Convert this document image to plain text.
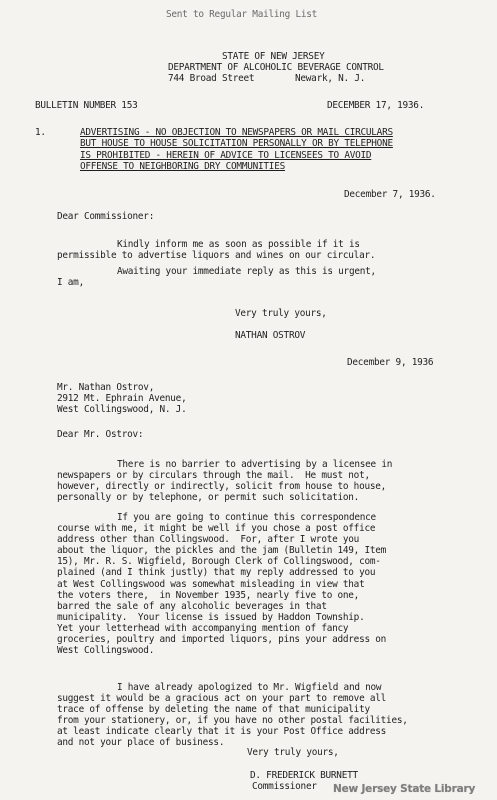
Sent to Regular Mailing List
STATE OF NEW JERSEY
DEPARTMENT OF ALCOHOLIC BEVERAGE CONTROL
744 Broad Street	Newark, N. J.
BULLETIN NUMBER 153	DECEMBER 17, 1936.
1.	ADVERTISING - NO OBJECTION TO NEWSPAPERS OR MAIL CIRCULARS
BUT HOUSE TO HOUSE SOLICITATION PERSONALLY OR BY TELEPHONE
IS PROHIBITED - HEREIN OF ADVICE TO LICENSEES TO AVOID
OFFENSE TO NEIGHBORING DRY COMMUNITIES
December 7, 1936.
Dear Commissioner:
Kindly inform me as soon as possible if it is
permissible to advertise liquors and wines on our circular.
Awaiting your immediate reply as this is urgent,
I am,
Very truly yours,
NATHAN OSTROV
December 9, 1936
Mr. Nathan Ostrov,
2912 Mt. Ephrain Avenue,
West Collingswood, N. J.
Dear Mr. Ostrov:
There is no barrier to advertising by a licensee in
newspapers or by circulars through the mail.  He must not,
however, directly or indirectly, solicit from house to house,
personally or by telephone, or permit such solicitation.
If you are going to continue this correspondence
course with me, it might be well if you chose a post office
address other than Collingswood.  For, after I wrote you
about the liquor, the pickles and the jam (Bulletin 149, Item
15), Mr. R. S. Wigfield, Borough Clerk of Collingswood, com-
plained (and I think justly) that my reply addressed to you
at West Collingswood was somewhat misleading in view that
the voters there,  in November 1935, nearly five to one,
barred the sale of any alcoholic beverages in that
municipality.  Your license is issued by Haddon Township.
Yet your letterhead with accompanying mention of fancy
groceries, poultry and imported liquors, pins your address on
West Collingswood.
I have already apologized to Mr. Wigfield and now
suggest it would be a gracious act on your part to remove all
trace of offense by deleting the name of that municipality
from your stationery, or, if you have no other postal facilities,
at least indicate clearly that it is your Post Office address
and not your place of business.
Very truly yours,
D. FREDERICK BURNETT
Commissioner New Jersey State Library
